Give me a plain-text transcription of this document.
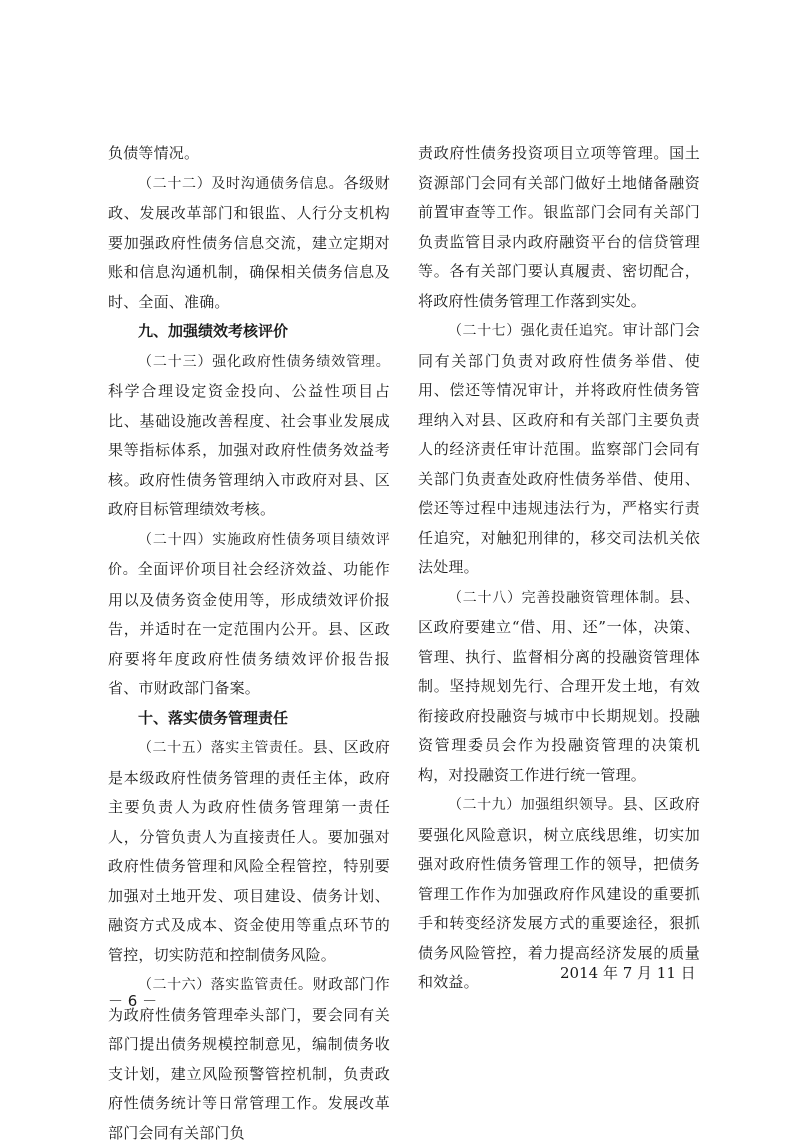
负债等情况。

（二十二）及时沟通债务信息。各级财政、发展改革部门和银监、人行分支机构要加强政府性债务信息交流，建立定期对账和信息沟通机制，确保相关债务信息及时、全面、准确。

九、加强绩效考核评价

（二十三）强化政府性债务绩效管理。科学合理设定资金投向、公益性项目占比、基础设施改善程度、社会事业发展成果等指标体系，加强对政府性债务效益考核。政府性债务管理纳入市政府对县、区政府目标管理绩效考核。

（二十四）实施政府性债务项目绩效评价。全面评价项目社会经济效益、功能作用以及债务资金使用等，形成绩效评价报告，并适时在一定范围内公开。县、区政府要将年度政府性债务绩效评价报告报省、市财政部门备案。

十、落实债务管理责任

（二十五）落实主管责任。县、区政府是本级政府性债务管理的责任主体，政府主要负责人为政府性债务管理第一责任人，分管负责人为直接责任人。要加强对政府性债务管理和风险全程管控，特别要加强对土地开发、项目建设、债务计划、融资方式及成本、资金使用等重点环节的管控，切实防范和控制债务风险。

（二十六）落实监管责任。财政部门作为政府性债务管理牵头部门，要会同有关部门提出债务规模控制意见，编制债务收支计划，建立风险预警管控机制，负责政府性债务统计等日常管理工作。发展改革部门会同有关部门负

责政府性债务投资项目立项等管理。国土资源部门会同有关部门做好土地储备融资前置审查等工作。银监部门会同有关部门负责监管目录内政府融资平台的信贷管理等。各有关部门要认真履责、密切配合，将政府性债务管理工作落到实处。

（二十七）强化责任追究。审计部门会同有关部门负责对政府性债务举借、使用、偿还等情况审计，并将政府性债务管理纳入对县、区政府和有关部门主要负责人的经济责任审计范围。监察部门会同有关部门负责查处政府性债务举借、使用、偿还等过程中违规违法行为，严格实行责任追究，对触犯刑律的，移交司法机关依法处理。

（二十八）完善投融资管理体制。县、区政府要建立“借、用、还”一体，决策、管理、执行、监督相分离的投融资管理体制。坚持规划先行、合理开发土地，有效衔接政府投融资与城市中长期规划。投融资管理委员会作为投融资管理的决策机构，对投融资工作进行统一管理。

（二十九）加强组织领导。县、区政府要强化风险意识，树立底线思维，切实加强对政府性债务管理工作的领导，把债务管理工作作为加强政府作风建设的重要抓手和转变经济发展方式的重要途径，狠抓债务风险管控，着力提高经济发展的质量和效益。	2014 年 7 月 11 日
－ 6 －
